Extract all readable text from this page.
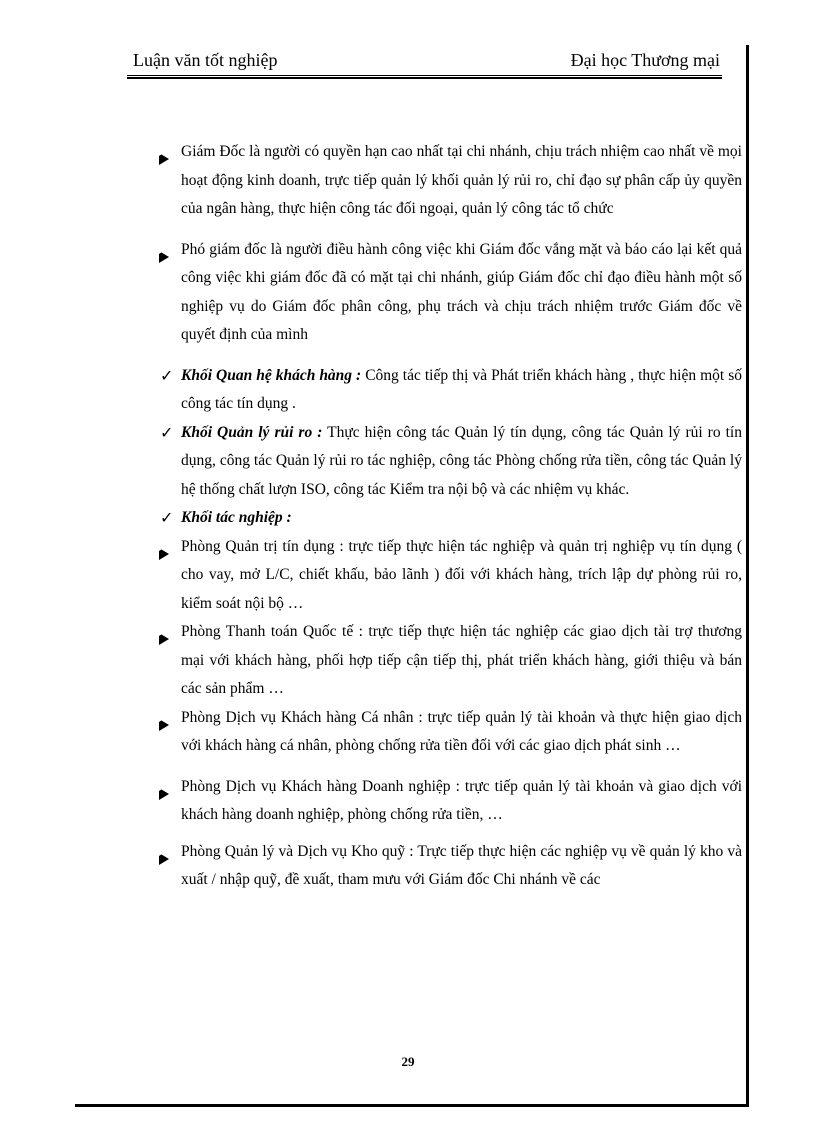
Luận văn tốt nghiệp	Đại học Thương mại
Giám Đốc là người có quyền hạn cao nhất tại chi nhánh, chịu trách nhiệm cao nhất về mọi hoạt động kinh doanh, trực tiếp quản lý khối quản lý rủi ro, chỉ đạo sự phân cấp ủy quyền của ngân hàng, thực hiện công tác đối ngoại, quản lý công tác tổ chức
Phó giám đốc là người điều hành công việc khi Giám đốc vắng mặt và báo cáo lại kết quả công việc khi giám đốc đã có mặt tại chi nhánh, giúp Giám đốc chỉ đạo điều hành một số nghiệp vụ do Giám đốc phân công, phụ trách và chịu trách nhiệm trước Giám đốc về quyết định của mình
✓ Khối Quan hệ khách hàng : Công tác tiếp thị và Phát triển khách hàng , thực hiện một số công tác tín dụng .
✓ Khối Quản lý rủi ro : Thực hiện công tác Quản lý tín dụng, công tác Quản lý rủi ro tín dụng, công tác Quản lý rủi ro tác nghiệp, công tác Phòng chống rửa tiền, công tác Quản lý hệ thống chất lượn ISO, công tác Kiểm tra nội bộ và các nhiệm vụ khác.
✓ Khối tác nghiệp :
Phòng Quản trị tín dụng : trực tiếp thực hiện tác nghiệp và quản trị nghiệp vụ tín dụng ( cho vay, mở L/C, chiết khấu, bảo lãnh ) đối với khách hàng, trích lập dự phòng rủi ro, kiểm soát nội bộ …
Phòng Thanh toán Quốc tế : trực tiếp thực hiện tác nghiệp các giao dịch tài trợ thương mại với khách hàng, phối hợp tiếp cận tiếp thị, phát triển khách hàng, giới thiệu và bán các sản phẩm …
Phòng Dịch vụ Khách hàng Cá nhân : trực tiếp quản lý tài khoản và thực hiện giao dịch với khách hàng cá nhân, phòng chống rửa tiền đối với các giao dịch phát sinh …
Phòng Dịch vụ Khách hàng Doanh nghiệp : trực tiếp quản lý tài khoản và giao dịch với khách hàng doanh nghiệp, phòng chống rửa tiền, …
Phòng Quản lý và Dịch vụ Kho quỹ : Trực tiếp thực hiện các nghiệp vụ về quản lý kho và xuất / nhập quỹ, đề xuất, tham mưu với Giám đốc Chi nhánh về các
29
